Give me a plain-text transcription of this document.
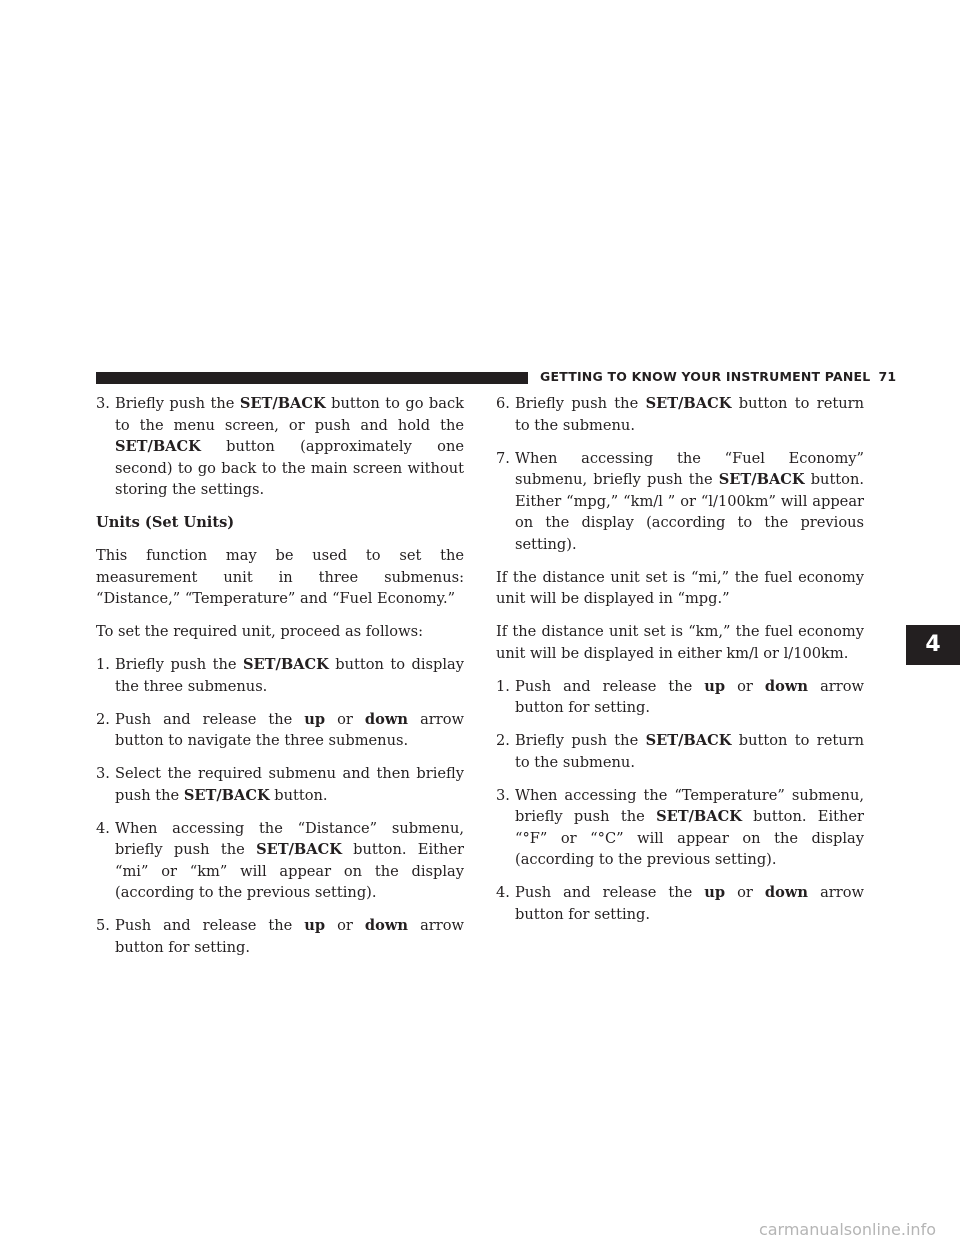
GETTING TO KNOW YOUR INSTRUMENT PANEL 71
4
3. Briefly push the SET/BACK button to go back to the menu screen, or push and hold the SET/BACK button (approximately one second) to go back to the main screen without storing the settings.
Units (Set Units)

This function may be used to set the measurement unit in three submenus: “Distance,” “Temperature” and “Fuel Economy.”

To set the required unit, proceed as follows:

1. Briefly push the SET/BACK button to display the three submenus.
2. Push and release the up or down arrow button to navigate the three submenus.
3. Select the required submenu and then briefly push the SET/BACK button.
4. When accessing the “Distance” submenu, briefly push the SET/BACK button. Either “mi” or “km” will appear on the display (according to the previous setting).
5. Push and release the up or down arrow button for setting.
6. Briefly push the SET/BACK button to return to the submenu.
7. When accessing the “Fuel Economy” submenu, briefly push the SET/BACK button. Either “mpg,” “km/l ” or “l/100km” will appear on the display (according to the previous setting).

If the distance unit set is “mi,” the fuel economy unit will be displayed in “mpg.”

If the distance unit set is “km,” the fuel economy unit will be displayed in either km/l or l/100km.

1. Push and release the up or down arrow button for setting.
2. Briefly push the SET/BACK button to return to the submenu.
3. When accessing the “Temperature” submenu, briefly push the SET/BACK button. Either “°F” or “°C” will appear on the display (according to the previous setting).
4. Push and release the up or down arrow button for setting.
carmanualsonline.info
